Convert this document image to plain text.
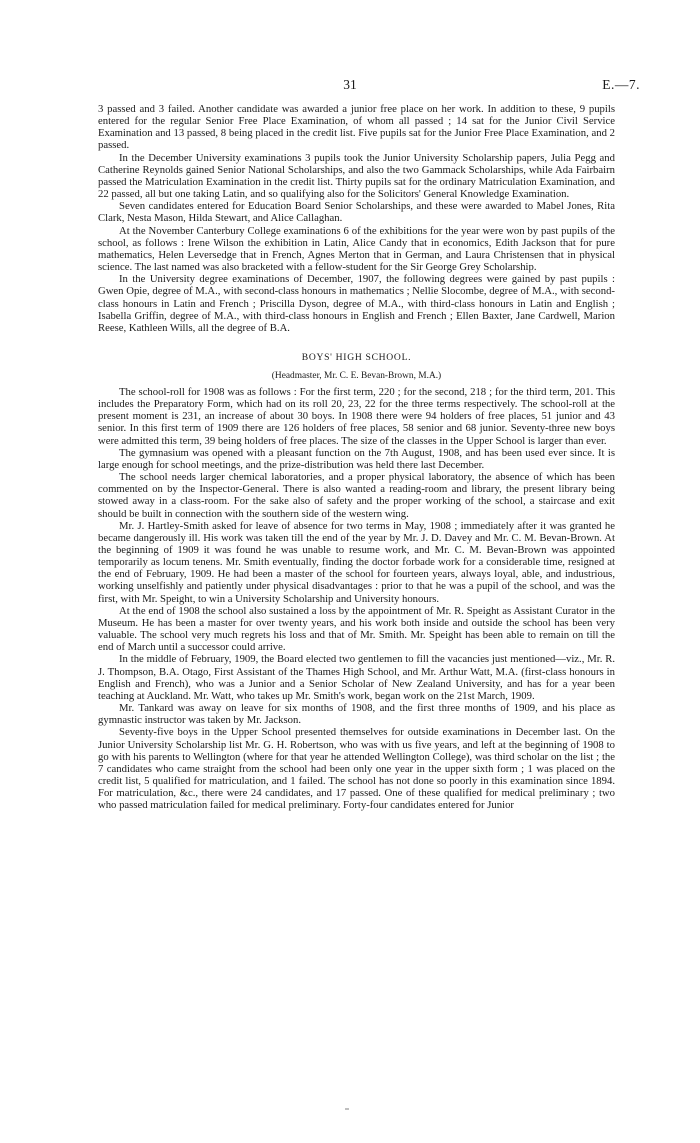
31	E.—7.

3 passed and 3 failed. Another candidate was awarded a junior free place on her work. In addition to these, 9 pupils entered for the regular Senior Free Place Examination, of whom all passed ; 14 sat for the Junior Civil Service Examination and 13 passed, 8 being placed in the credit list. Five pupils sat for the Junior Free Place Examination, and 2 passed.

In the December University examinations 3 pupils took the Junior University Scholarship papers, Julia Pegg and Catherine Reynolds gained Senior National Scholarships, and also the two Gammack Scholarships, while Ada Fairbairn passed the Matriculation Examination in the credit list. Thirty pupils sat for the ordinary Matriculation Examination, and 22 passed, all but one taking Latin, and so qualifying also for the Solicitors' General Knowledge Examination.

Seven candidates entered for Education Board Senior Scholarships, and these were awarded to Mabel Jones, Rita Clark, Nesta Mason, Hilda Stewart, and Alice Callaghan.

At the November Canterbury College examinations 6 of the exhibitions for the year were won by past pupils of the school, as follows : Irene Wilson the exhibition in Latin, Alice Candy that in economics, Edith Jackson that for pure mathematics, Helen Leversedge that in French, Agnes Merton that in German, and Laura Christensen that in physical science. The last named was also bracketed with a fellow-student for the Sir George Grey Scholarship.

In the University degree examinations of December, 1907, the following degrees were gained by past pupils : Gwen Opie, degree of M.A., with second-class honours in mathematics ; Nellie Slocombe, degree of M.A., with second-class honours in Latin and French ; Priscilla Dyson, degree of M.A., with third-class honours in Latin and English ; Isabella Griffin, degree of M.A., with third-class honours in English and French ; Ellen Baxter, Jane Cardwell, Marion Reese, Kathleen Wills, all the degree of B.A.

BOYS' HIGH SCHOOL.
(Headmaster, Mr. C. E. Bevan-Brown, M.A.)

The school-roll for 1908 was as follows : For the first term, 220 ; for the second, 218 ; for the third term, 201. This includes the Preparatory Form, which had on its roll 20, 23, 22 for the three terms respectively. The school-roll at the present moment is 231, an increase of about 30 boys. In 1908 there were 94 holders of free places, 51 junior and 43 senior. In this first term of 1909 there are 126 holders of free places, 58 senior and 68 junior. Seventy-three new boys were admitted this term, 39 being holders of free places. The size of the classes in the Upper School is larger than ever.

The gymnasium was opened with a pleasant function on the 7th August, 1908, and has been used ever since. It is large enough for school meetings, and the prize-distribution was held there last December.

The school needs larger chemical laboratories, and a proper physical laboratory, the absence of which has been commented on by the Inspector-General. There is also wanted a reading-room and library, the present library being stowed away in a class-room. For the sake also of safety and the proper working of the school, a staircase and exit should be built in connection with the southern side of the western wing.

Mr. J. Hartley-Smith asked for leave of absence for two terms in May, 1908 ; immediately after it was granted he became dangerously ill. His work was taken till the end of the year by Mr. J. D. Davey and Mr. C. M. Bevan-Brown. At the beginning of 1909 it was found he was unable to resume work, and Mr. C. M. Bevan-Brown was appointed temporarily as locum tenens. Mr. Smith eventually, finding the doctor forbade work for a considerable time, resigned at the end of February, 1909. He had been a master of the school for fourteen years, always loyal, able, and industrious, working unselfishly and patiently under physical disadvantages : prior to that he was a pupil of the school, and was the first, with Mr. Speight, to win a University Scholarship and University honours.

At the end of 1908 the school also sustained a loss by the appointment of Mr. R. Speight as Assistant Curator in the Museum. He has been a master for over twenty years, and his work both inside and outside the school has been very valuable. The school very much regrets his loss and that of Mr. Smith. Mr. Speight has been able to remain on till the end of March until a successor could arrive.

In the middle of February, 1909, the Board elected two gentlemen to fill the vacancies just mentioned—viz., Mr. R. J. Thompson, B.A. Otago, First Assistant of the Thames High School, and Mr. Arthur Watt, M.A. (first-class honours in English and French), who was a Junior and a Senior Scholar of New Zealand University, and has for a year been teaching at Auckland. Mr. Watt, who takes up Mr. Smith's work, began work on the 21st March, 1909.

Mr. Tankard was away on leave for six months of 1908, and the first three months of 1909, and his place as gymnastic instructor was taken by Mr. Jackson.

Seventy-five boys in the Upper School presented themselves for outside examinations in December last. On the Junior University Scholarship list Mr. G. H. Robertson, who was with us five years, and left at the beginning of 1908 to go with his parents to Wellington (where for that year he attended Wellington College), was third scholar on the list ; the 7 candidates who came straight from the school had been only one year in the upper sixth form ; 1 was placed on the credit list, 5 qualified for matriculation, and 1 failed. The school has not done so poorly in this examination since 1894. For matriculation, &c., there were 24 candidates, and 17 passed. One of these qualified for medical preliminary ; two who passed matriculation failed for medical preliminary. Forty-four candidates entered for Junior
